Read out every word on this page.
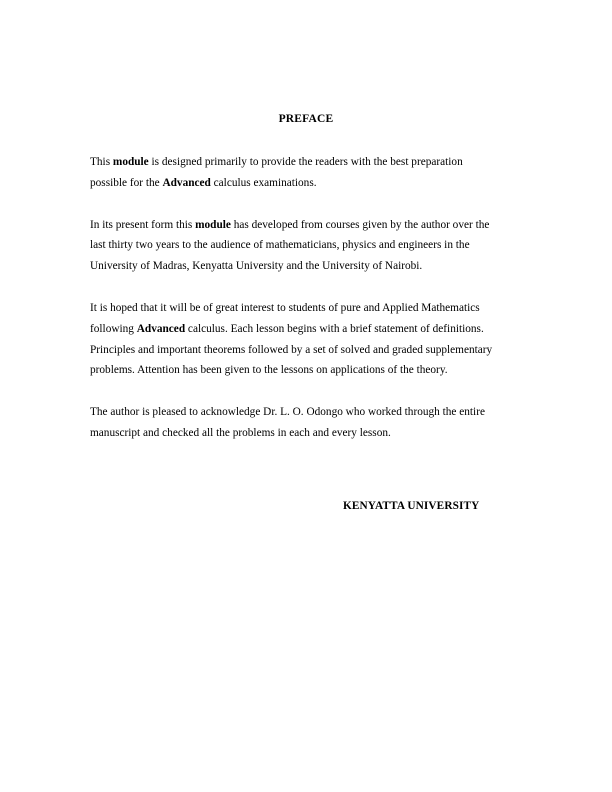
PREFACE

This module is designed primarily to provide the readers with the best preparation
possible for the Advanced calculus examinations.

In its present form this module has developed from courses given by the author over the
last thirty two years to the audience of mathematicians, physics and engineers in the
University of Madras, Kenyatta University and the University of Nairobi.

It is hoped that it will be of great interest to students of pure and Applied Mathematics
following Advanced calculus. Each lesson begins with a brief statement of definitions.
Principles and important theorems followed by a set of solved and graded supplementary
problems. Attention has been given to the lessons on applications of the theory.

The author is pleased to acknowledge Dr. L. O. Odongo who worked through the entire
manuscript and checked all the problems in each and every lesson.

KENYATTA UNIVERSITY
